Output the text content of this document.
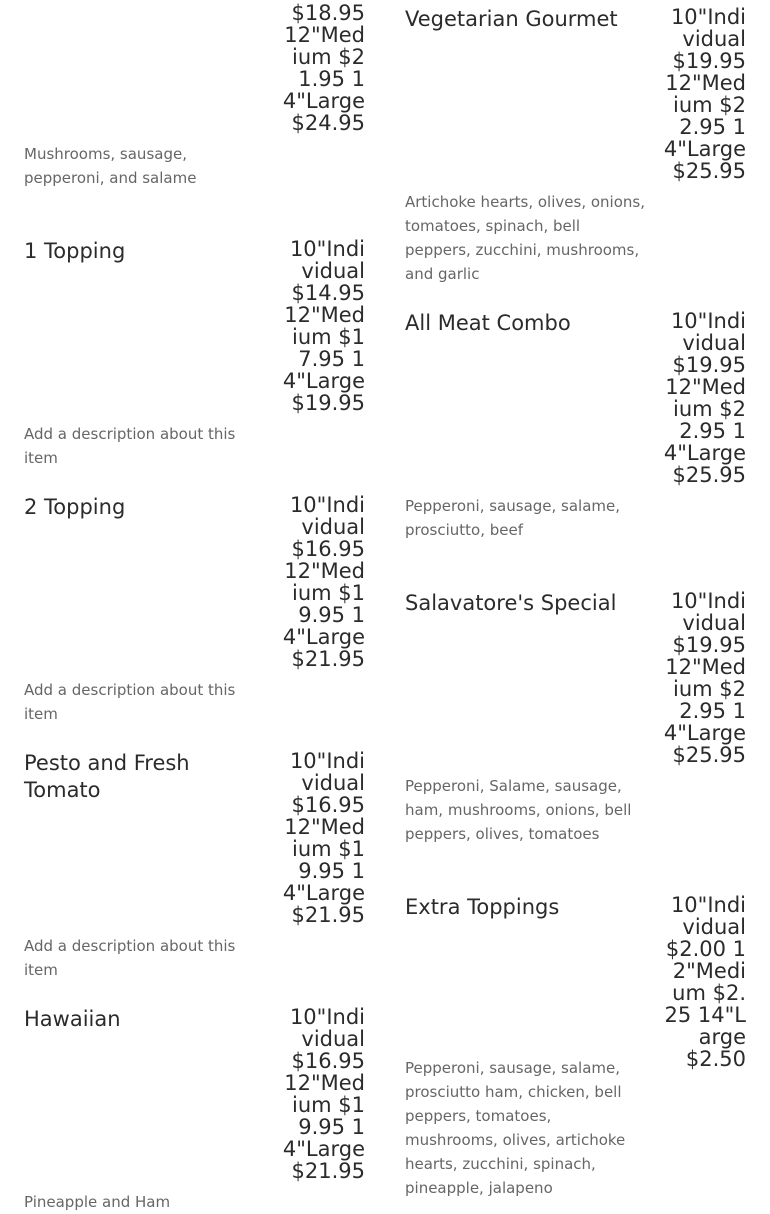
$18.95 12"Medium $21.95 14"Large $24.95
Mushrooms, sausage, pepperoni, and salame
1 Topping	10"Individual $14.95 12"Medium $17.95 14"Large $19.95
Add a description about this item
2 Topping	10"Individual $16.95 12"Medium $19.95 14"Large $21.95
Add a description about this item
Pesto and Fresh Tomato
10"Individual $16.95 12"Medium $19.95 14"Large $21.95
Add a description about this item
Hawaiian	10"Individual $16.95 12"Medium $19.95 14"Large $21.95
Pineapple and Ham
Vegetarian Gourmet	10"Individual $19.95 12"Medium $22.95 14"Large $25.95
Artichoke hearts, olives, onions, tomatoes, spinach, bell peppers, zucchini, mushrooms, and garlic
All Meat Combo	10"Individual $19.95 12"Medium $22.95 14"Large $25.95
Pepperoni, sausage, salame, prosciutto, beef
Salavatore's Special	10"Individual $19.95 12"Medium $22.95 14"Large $25.95
Pepperoni, Salame, sausage, ham, mushrooms, onions, bell peppers, olives, tomatoes
Extra Toppings	10"Individual $2.00 12"Medium $2.25 14"Large $2.50
Pepperoni, sausage, salame, prosciutto ham, chicken, bell peppers, tomatoes, mushrooms, olives, artichoke hearts, zucchini, spinach, pineapple, jalapeno
